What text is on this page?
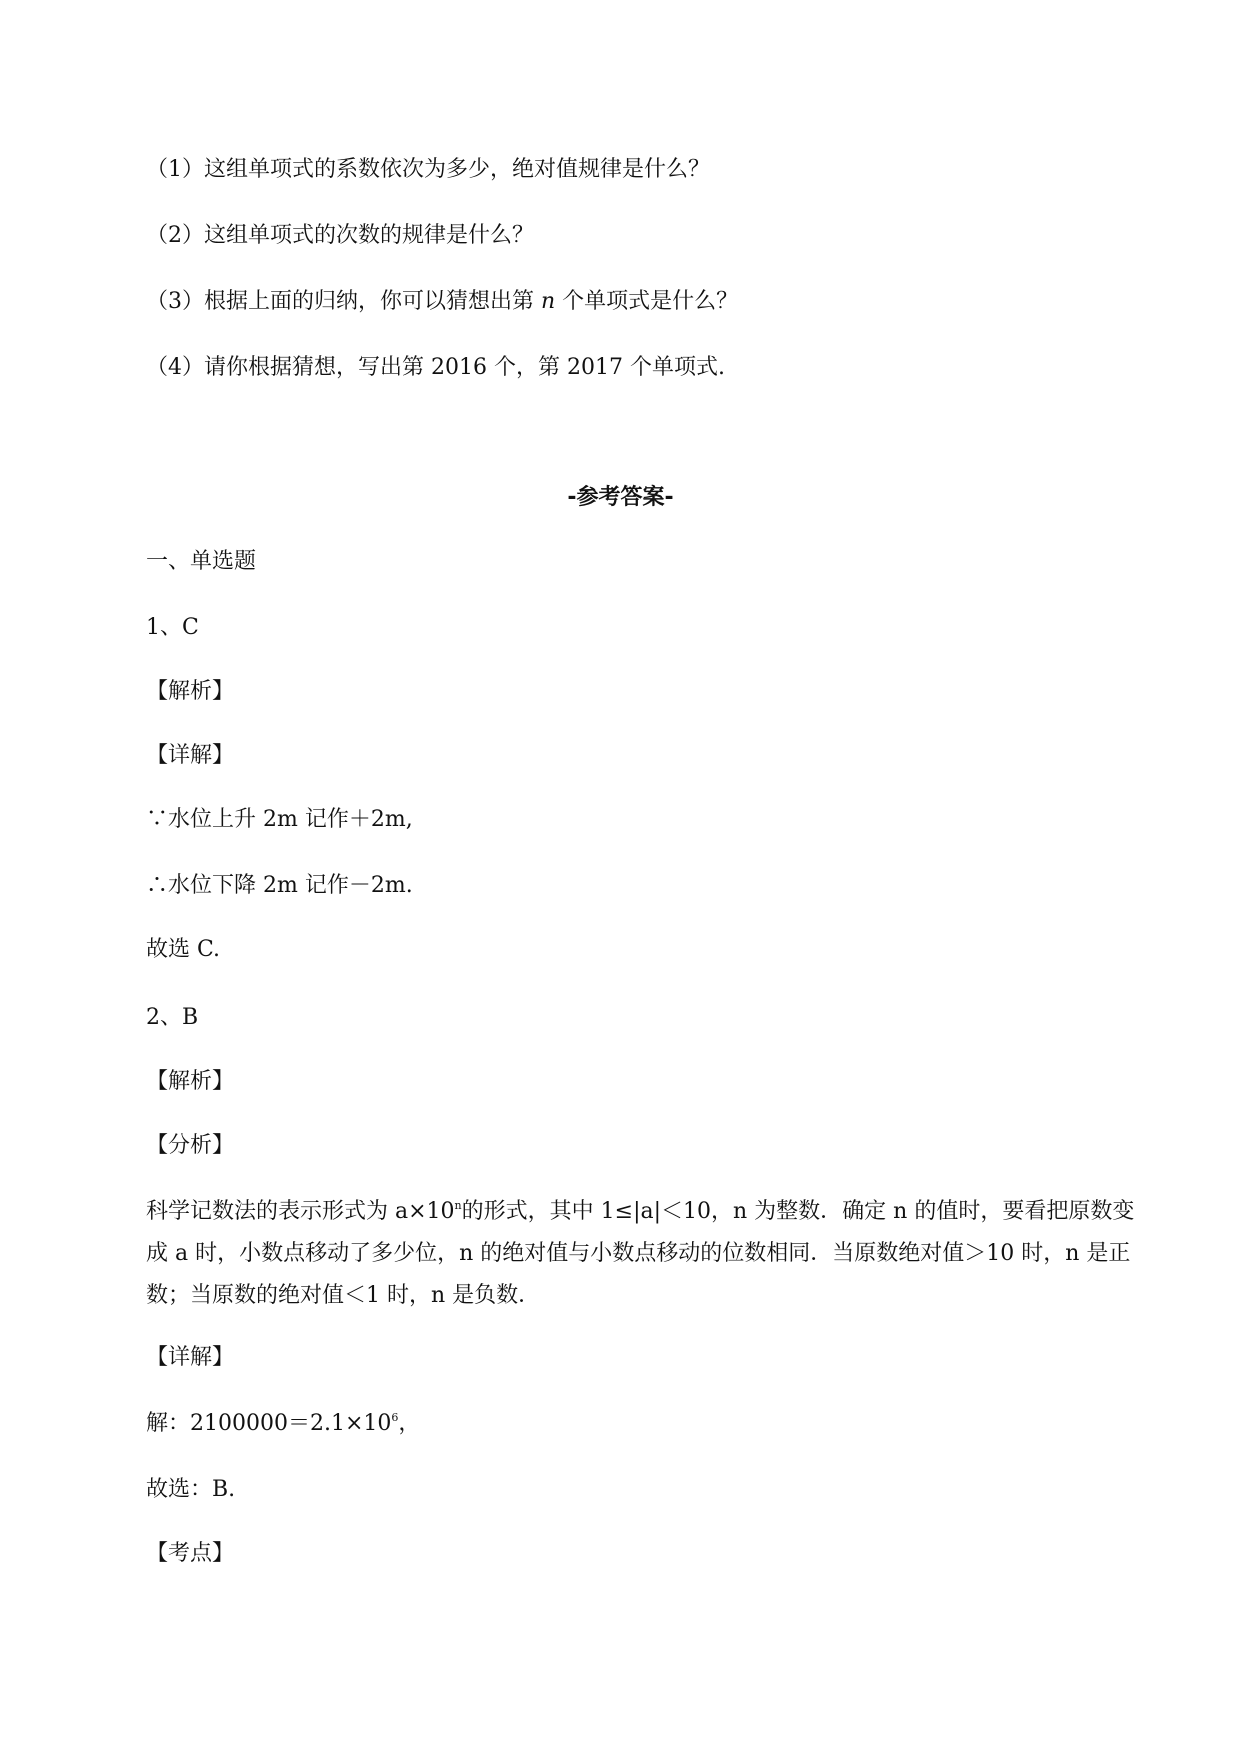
（1）这组单项式的系数依次为多少，绝对值规律是什么？
（2）这组单项式的次数的规律是什么？
（3）根据上面的归纳，你可以猜想出第 n 个单项式是什么？
（4）请你根据猜想，写出第 2016 个，第 2017 个单项式.
-参考答案-
一、单选题
1、C
【解析】
【详解】
∵水位上升 2m 记作＋2m,
∴水位下降 2m 记作－2m.
故选 C.
2、B
【解析】
【分析】
科学记数法的表示形式为 $a\times 10^n$的形式，其中 1≤|a|＜10，n 为整数．确定 n 的值时，要看把原数变
成 a 时，小数点移动了多少位，n 的绝对值与小数点移动的位数相同．当原数绝对值＞10 时，n 是正
数；当原数的绝对值＜1 时，n 是负数．
【详解】
解：$2100000=2.1\times 10^6$，
故选：B.
【考点】
